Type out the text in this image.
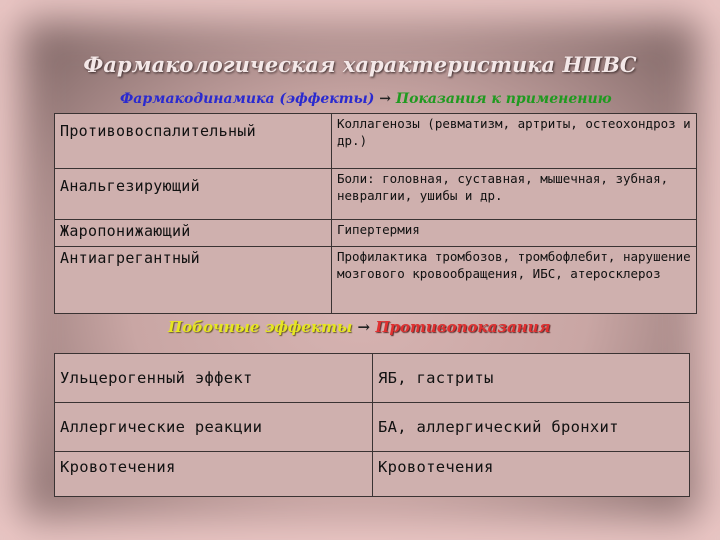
Фармакологическая характеристика НПВС
Фармакодинамика (эффекты) → Показания к применению
Противовоспалительный	Коллагенозы (ревматизм, артриты, остеохондроз и др.)
Анальгезирующий	Боли: головная, суставная, мышечная, зубная, невралгии, ушибы и др.
Жаропонижающий	Гипертермия
Антиагрегантный	Профилактика тромбозов, тромбофлебит, нарушение мозгового кровообращения, ИБС, атеросклероз
Побочные эффекты → Противопоказания
Ульцерогенный эффект	ЯБ, гастриты
Аллергические реакции	БА, аллергический бронхит
Кровотечения	Кровотечения
